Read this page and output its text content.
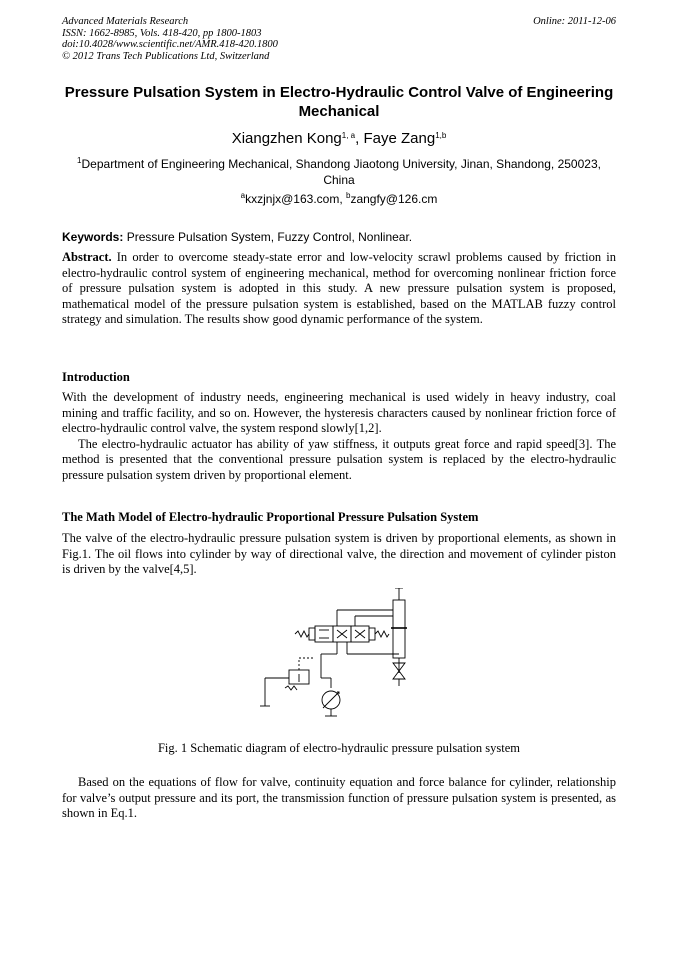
Advanced Materials Research
ISSN: 1662-8985, Vols. 418-420, pp 1800-1803
doi:10.4028/www.scientific.net/AMR.418-420.1800
© 2012 Trans Tech Publications Ltd, Switzerland
Online: 2011-12-06
Pressure Pulsation System in Electro-Hydraulic Control Valve of Engineering Mechanical
Xiangzhen Kong$^{1, a}$, Faye Zang$^{1,b}$
$^1$Department of Engineering Mechanical, Shandong Jiaotong University, Jinan, Shandong, 250023, China
$^a$kxzjnjx@163.com, $^b$zangfy@126.cm
Keywords: Pressure Pulsation System, Fuzzy Control, Nonlinear.
Abstract. In order to overcome steady-state error and low-velocity scrawl problems caused by friction in electro-hydraulic control system of engineering mechanical, method for overcoming nonlinear friction force of pressure pulsation system is adopted in this study. A new pressure pulsation system is proposed, mathematical model of the pressure pulsation system is established, based on the MATLAB fuzzy control strategy and simulation. The results show good dynamic performance of the system.
Introduction
With the development of industry needs, engineering mechanical is used widely in heavy industry, coal mining and traffic facility, and so on. However, the hysteresis characters caused by nonlinear friction force of electro-hydraulic control valve, the system respond slowly[1,2].
The electro-hydraulic actuator has ability of yaw stiffness, it outputs great force and rapid speed[3]. The method is presented that the conventional pressure pulsation system is replaced by the electro-hydraulic pressure pulsation system driven by proportional element.
The Math Model of Electro-hydraulic Proportional Pressure Pulsation System
The valve of the electro-hydraulic pressure pulsation system is driven by proportional elements, as shown in Fig.1. The oil flows into cylinder by way of directional valve, the direction and movement of cylinder piston is driven by the valve[4,5].
Fig. 1 Schematic diagram of electro-hydraulic pressure pulsation system
Based on the equations of flow for valve, continuity equation and force balance for cylinder, relationship for valve’s output pressure and its port, the transmission function of pressure pulsation system is presented, as shown in Eq.1.
